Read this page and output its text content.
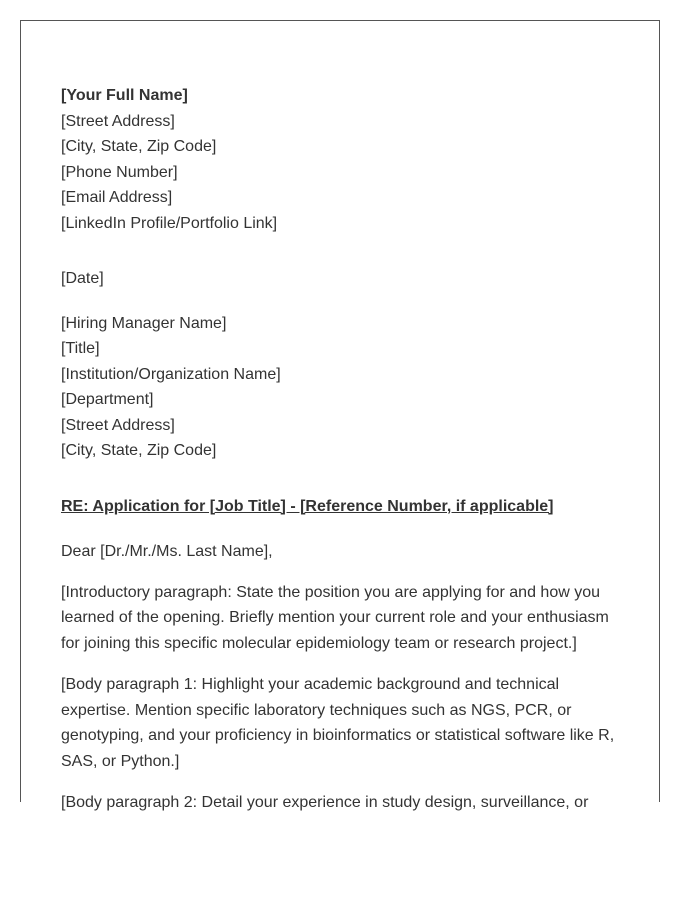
[Your Full Name]
[Street Address]
[City, State, Zip Code]
[Phone Number]
[Email Address]
[LinkedIn Profile/Portfolio Link]
[Date]
[Hiring Manager Name]
[Title]
[Institution/Organization Name]
[Department]
[Street Address]
[City, State, Zip Code]
RE: Application for [Job Title] - [Reference Number, if applicable]
Dear [Dr./Mr./Ms. Last Name],
[Introductory paragraph: State the position you are applying for and how you learned of the opening. Briefly mention your current role and your enthusiasm for joining this specific molecular epidemiology team or research project.]
[Body paragraph 1: Highlight your academic background and technical expertise. Mention specific laboratory techniques such as NGS, PCR, or genotyping, and your proficiency in bioinformatics or statistical software like R, SAS, or Python.]
[Body paragraph 2: Detail your experience in study design, surveillance, or
